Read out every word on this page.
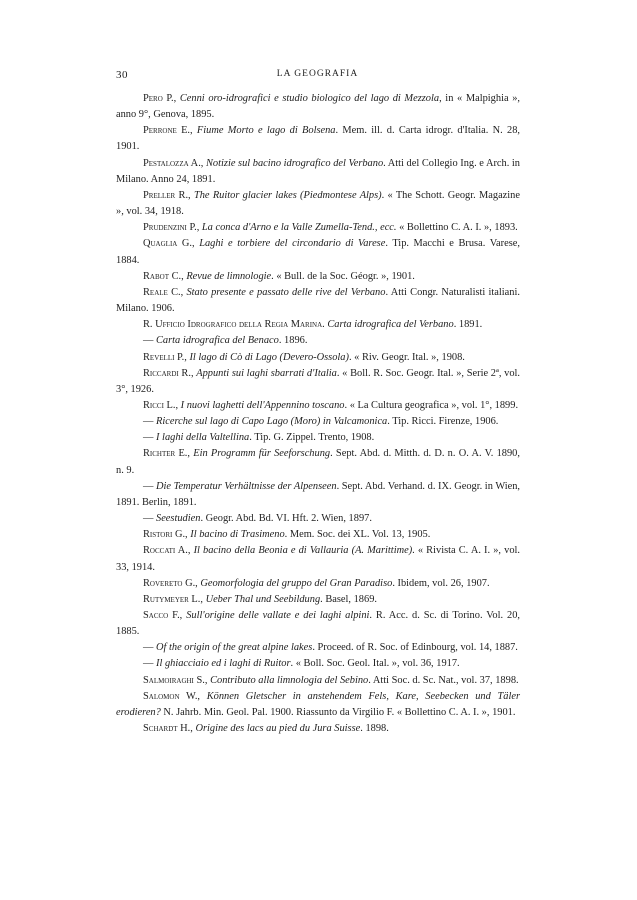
30	LA GEOGRAFIA

Pero P., Cenni oro-idrografici e studio biologico del lago di Mezzola, in « Malpighia », anno 9°, Genova, 1895.

Perrone E., Fiume Morto e lago di Bolsena. Mem. ill. d. Carta idrogr. d'Italia. N. 28, 1901.

Pestalozza A., Notizie sul bacino idrografico del Verbano. Atti del Collegio Ing. e Arch. in Milano. Anno 24, 1891.

Preller R., The Ruitor glacier lakes (Piedmontese Alps). « The Schott. Geogr. Magazine », vol. 34, 1918.

Prudenzini P., La conca d'Arno e la Valle Zumella-Tend., ecc. « Bollettino C. A. I. », 1893.

Quaglia G., Laghi e torbiere del circondario di Varese. Tip. Macchi e Brusa. Varese, 1884.

Rabot C., Revue de limnologie. « Bull. de la Soc. Géogr. », 1901.

Reale C., Stato presente e passato delle rive del Verbano. Atti Congr. Naturalisti italiani. Milano. 1906.

R. Ufficio Idrografico della Regia Marina. Carta idrografica del Verbano. 1891.

— Carta idrografica del Benaco. 1896.

Revelli P., Il lago di Cò di Lago (Devero-Ossola). « Riv. Geogr. Ital. », 1908.

Riccardi R., Appunti sui laghi sbarrati d'Italia. « Boll. R. Soc. Geogr. Ital. », Serie 2ª, vol. 3°, 1926.

Ricci L., I nuovi laghetti dell'Appennino toscano. « La Cultura geografica », vol. 1°, 1899.

— Ricerche sul lago di Capo Lago (Moro) in Valcamonica. Tip. Ricci. Firenze, 1906.

— I laghi della Valtellina. Tip. G. Zippel. Trento, 1908.

Richter E., Ein Programm für Seeforschung. Sept. Abd. d. Mitth. d. D. n. O. A. V. 1890, n. 9.

— Die Temperatur Verhältnisse der Alpenseen. Sept. Abd. Verhand. d. IX. Geogr. in Wien, 1891. Berlin, 1891.

— Seestudien. Geogr. Abd. Bd. VI. Hft. 2. Wien, 1897.

Ristori G., Il bacino di Trasimeno. Mem. Soc. dei XL. Vol. 13, 1905.

Roccati A., Il bacino della Beonia e di Vallauria (A. Marittime). « Rivista C. A. I. », vol. 33, 1914.

Rovereto G., Geomorfologia del gruppo del Gran Paradiso. Ibidem, vol. 26, 1907.

Rutymeyer L., Ueber Thal und Seebildung. Basel, 1869.

Sacco F., Sull'origine delle vallate e dei laghi alpini. R. Acc. d. Sc. di Torino. Vol. 20, 1885.

— Of the origin of the great alpine lakes. Proceed. of R. Soc. of Edinbourg, vol. 14, 1887.

— Il ghiacciaio ed i laghi di Ruitor. « Boll. Soc. Geol. Ital. », vol. 36, 1917.

Salmoiraghi S., Contributo alla limnologia del Sebino. Atti Soc. d. Sc. Nat., vol. 37, 1898.

Salomon W., Können Gletscher in anstehendem Fels, Kare, Seebecken und Täler erodieren? N. Jahrb. Min. Geol. Pal. 1900. Riassunto da Virgilio F. « Bollettino C. A. I. », 1901.

Schardt H., Origine des lacs au pied du Jura Suisse. 1898.
